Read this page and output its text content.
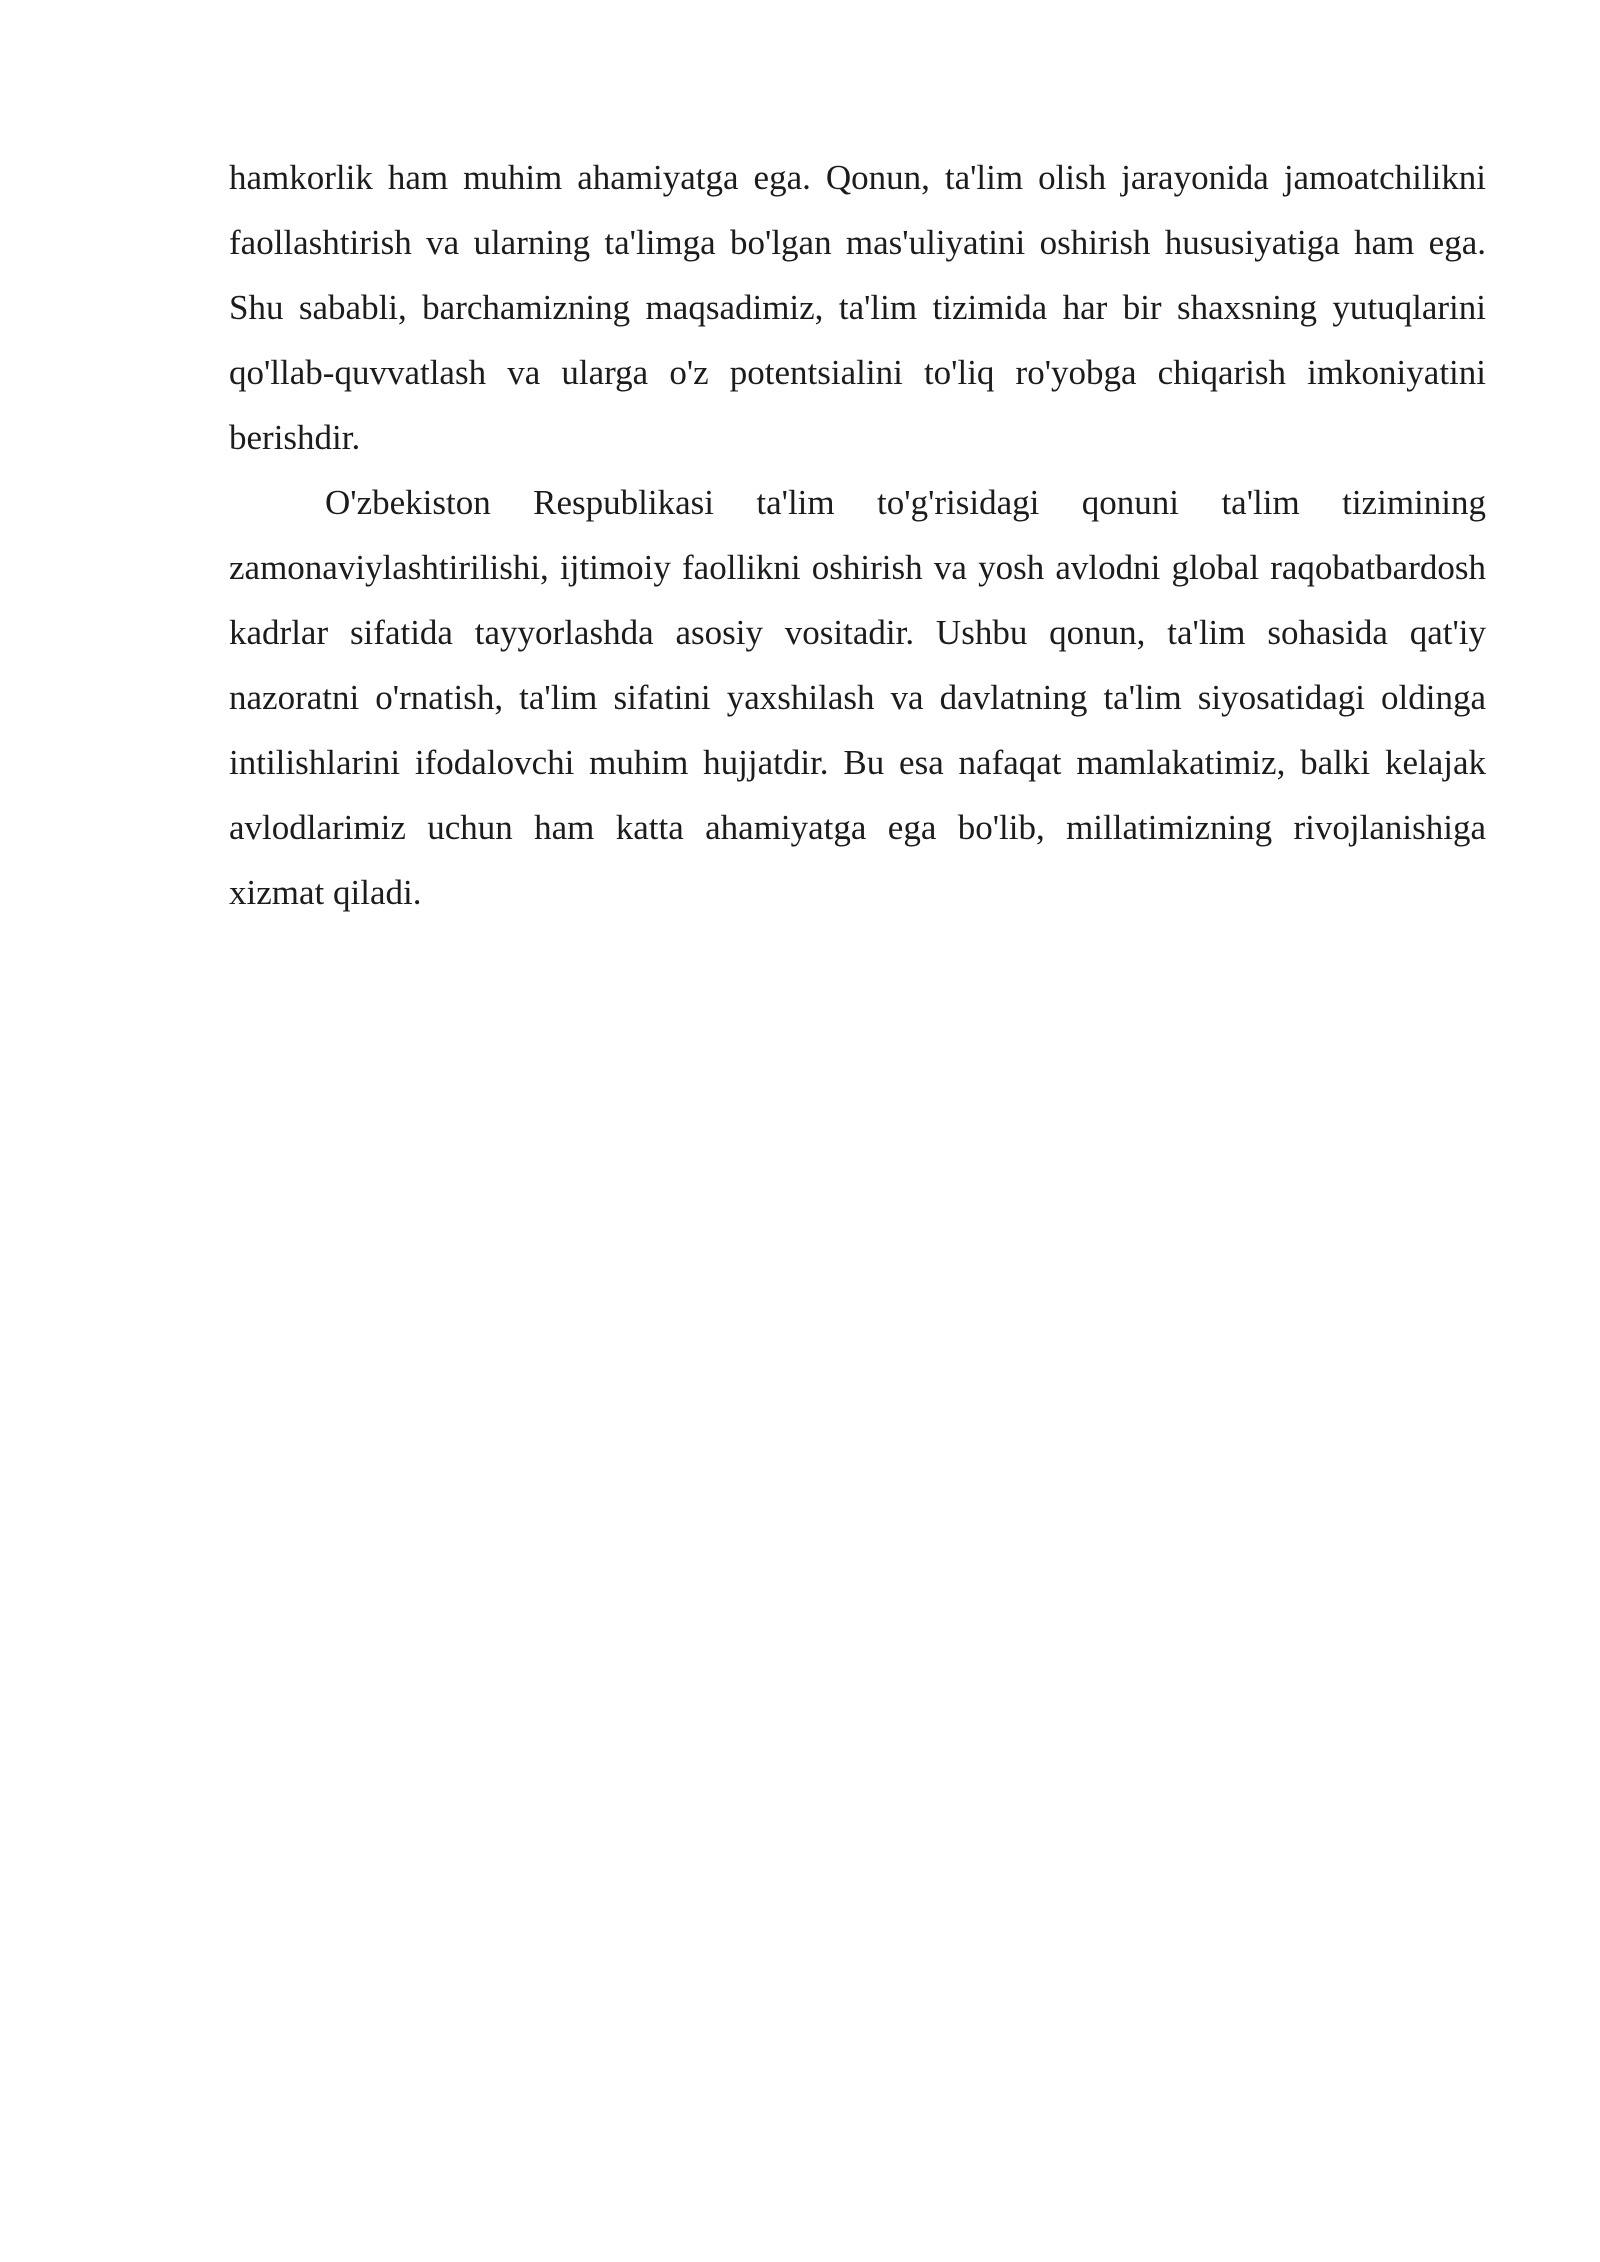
hamkorlik ham muhim ahamiyatga ega. Qonun, ta'lim olish jarayonida jamoatchilikni faollashtirish va ularning ta'limga bo'lgan mas'uliyatini oshirish hususiyatiga ham ega. Shu sababli, barchamizning maqsadimiz, ta'lim tizimida har bir shaxsning yutuqlarini qo'llab-quvvatlash va ularga o'z potentsialini to'liq ro'yobga chiqarish imkoniyatini berishdir.

O'zbekiston Respublikasi ta'lim to'g'risidagi qonuni ta'lim tizimining zamonaviylashtirilishi, ijtimoiy faollikni oshirish va yosh avlodni global raqobatbardosh kadrlar sifatida tayyorlashda asosiy vositadir. Ushbu qonun, ta'lim sohasida qat'iy nazoratni o'rnatish, ta'lim sifatini yaxshilash va davlatning ta'lim siyosatidagi oldinga intilishlarini ifodalovchi muhim hujjatdir. Bu esa nafaqat mamlakatimiz, balki kelajak avlodlarimiz uchun ham katta ahamiyatga ega bo'lib, millatimizning rivojlanishiga xizmat qiladi.
